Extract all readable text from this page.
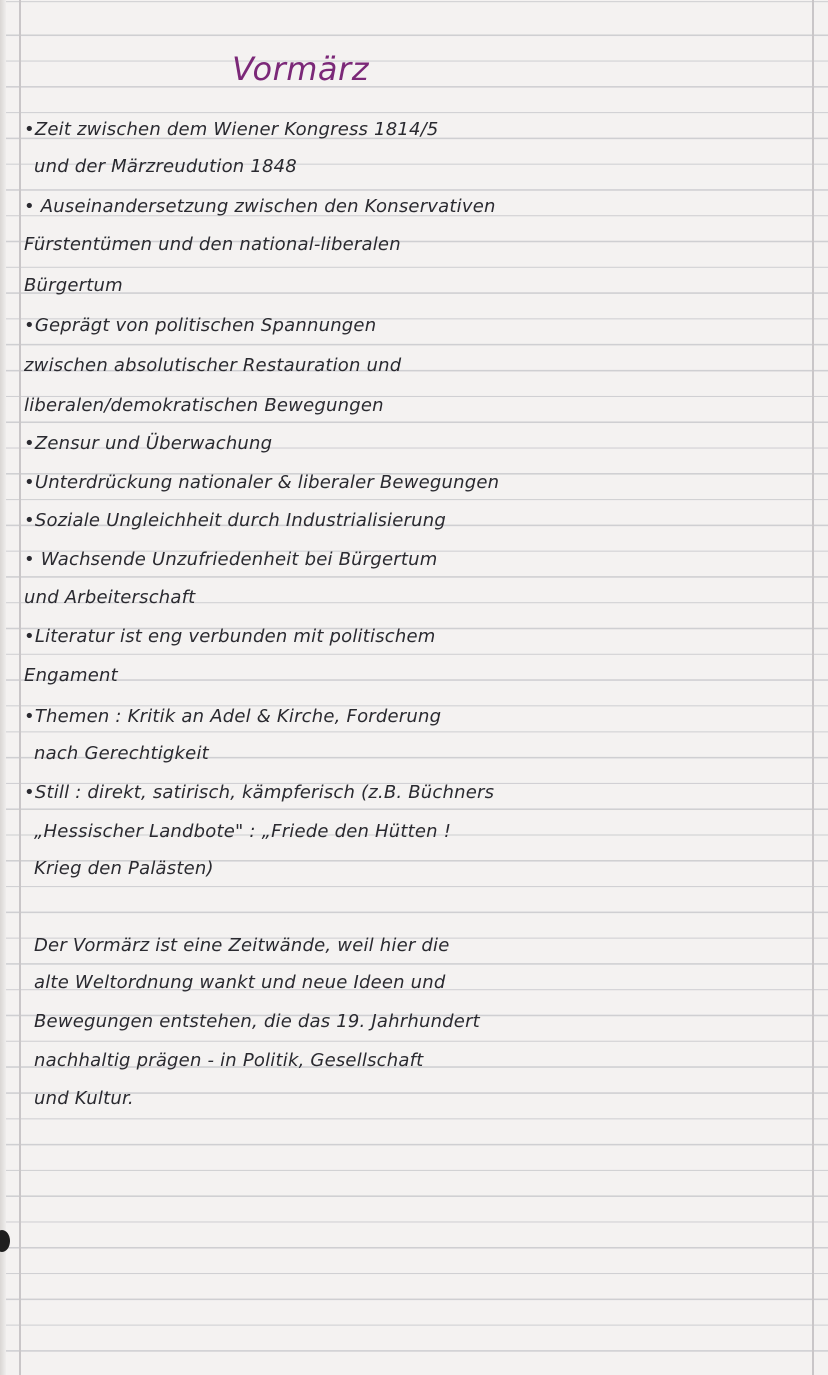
Vormärz
•Zeit zwischen dem Wiener Kongress 1814/5
und der Märzreudution 1848
• Auseinandersetzung zwischen den Konservativen
Fürstentümen und den national-liberalen
Bürgertum
•Geprägt von politischen Spannungen
zwischen absolutischer Restauration und
liberalen/demokratischen Bewegungen
•Zensur und Überwachung
•Unterdrückung nationaler & liberaler Bewegungen
•Soziale Ungleichheit durch Industrialisierung
• Wachsende Unzufriedenheit bei Bürgertum
und Arbeiterschaft
•Literatur ist eng verbunden mit politischem
Engament
•Themen : Kritik an Adel & Kirche, Forderung
nach Gerechtigkeit
•Still : direkt, satirisch, kämpferisch (z.B. Büchners
„Hessischer Landbote" : „Friede den Hütten !
Krieg den Palästen)
Der Vormärz ist eine Zeitwände, weil hier die
alte Weltordnung wankt und neue Ideen und
Bewegungen entstehen, die das 19. Jahrhundert
nachhaltig prägen - in Politik, Gesellschaft
und Kultur.
